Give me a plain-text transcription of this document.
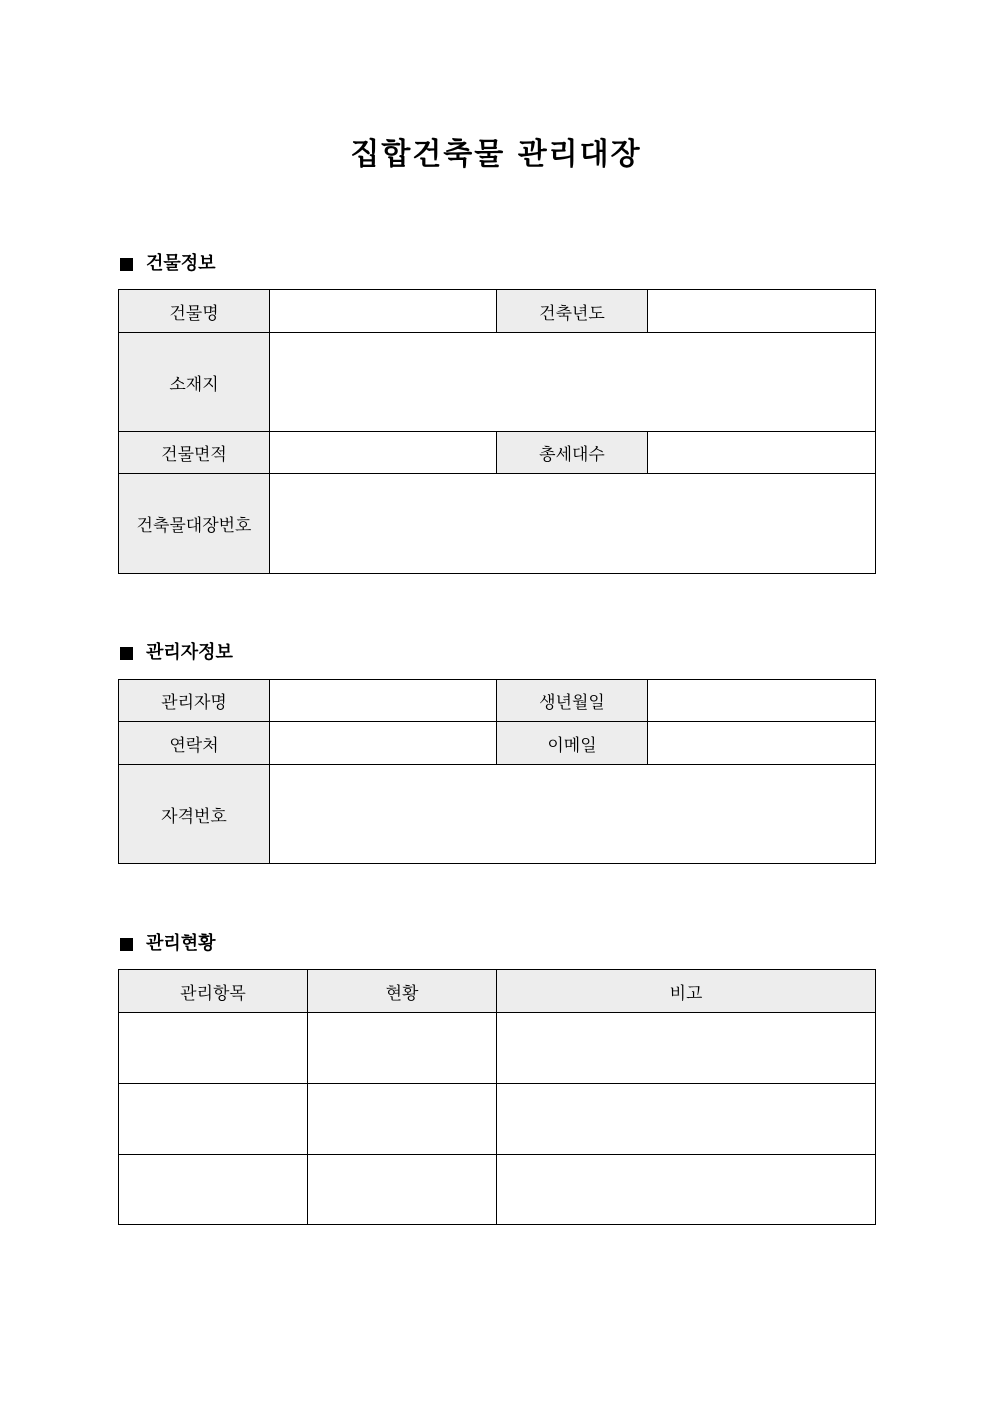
집합건축물 관리대장
건물정보
건물명		건축년도	
소재지			
건물면적		총세대수	
건축물대장번호			
관리자정보
관리자명		생년월일	
연락처		이메일	
자격번호			
관리현황
관리항목	현황	비고
